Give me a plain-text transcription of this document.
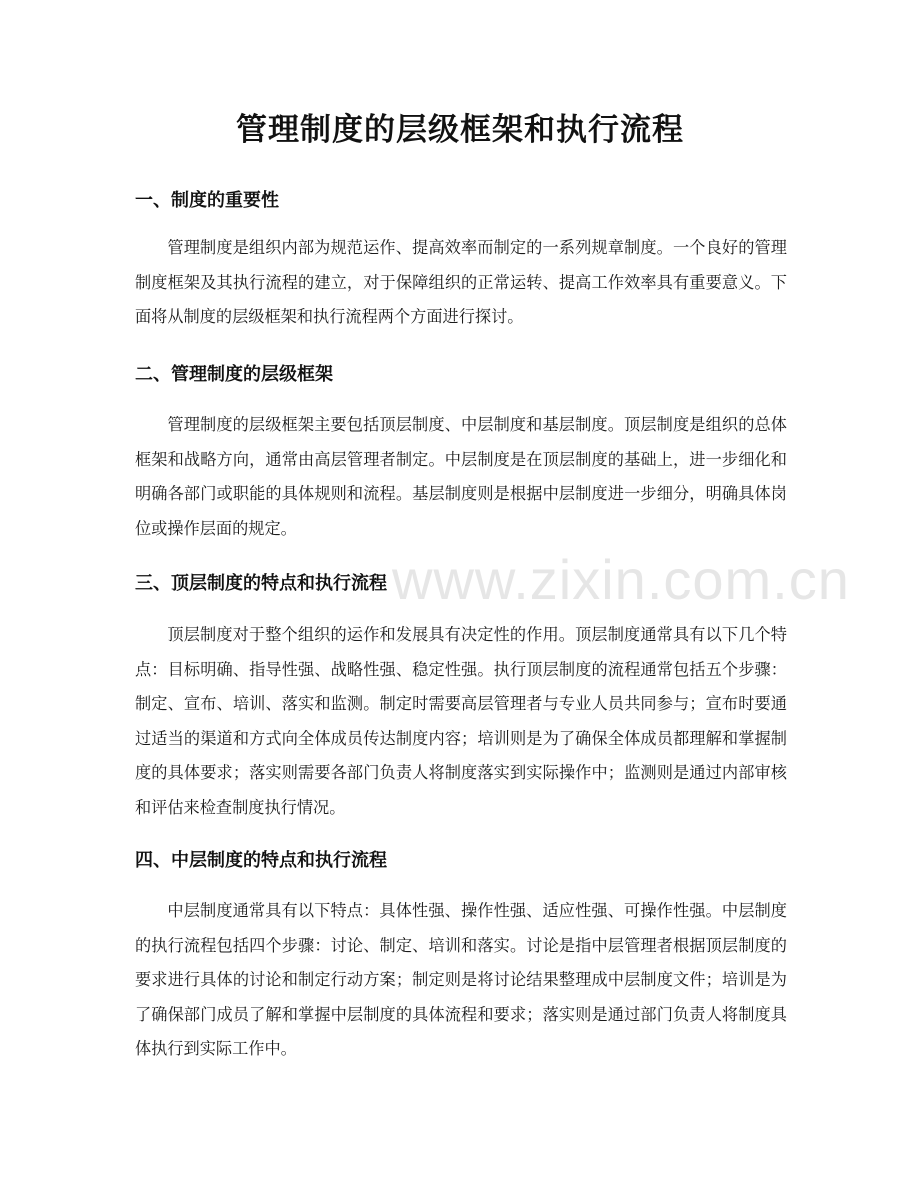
www.zixin.com.cn
管理制度的层级框架和执行流程
一、制度的重要性

管理制度是组织内部为规范运作、提高效率而制定的一系列规章制度。一个良好的管理制度框架及其执行流程的建立，对于保障组织的正常运转、提高工作效率具有重要意义。下面将从制度的层级框架和执行流程两个方面进行探讨。

二、管理制度的层级框架

管理制度的层级框架主要包括顶层制度、中层制度和基层制度。顶层制度是组织的总体框架和战略方向，通常由高层管理者制定。中层制度是在顶层制度的基础上，进一步细化和明确各部门或职能的具体规则和流程。基层制度则是根据中层制度进一步细分，明确具体岗位或操作层面的规定。

三、顶层制度的特点和执行流程

顶层制度对于整个组织的运作和发展具有决定性的作用。顶层制度通常具有以下几个特点：目标明确、指导性强、战略性强、稳定性强。执行顶层制度的流程通常包括五个步骤：制定、宣布、培训、落实和监测。制定时需要高层管理者与专业人员共同参与；宣布时要通过适当的渠道和方式向全体成员传达制度内容；培训则是为了确保全体成员都理解和掌握制度的具体要求；落实则需要各部门负责人将制度落实到实际操作中；监测则是通过内部审核和评估来检查制度执行情况。

四、中层制度的特点和执行流程

中层制度通常具有以下特点：具体性强、操作性强、适应性强、可操作性强。中层制度的执行流程包括四个步骤：讨论、制定、培训和落实。讨论是指中层管理者根据顶层制度的要求进行具体的讨论和制定行动方案；制定则是将讨论结果整理成中层制度文件；培训是为了确保部门成员了解和掌握中层制度的具体流程和要求；落实则是通过部门负责人将制度具体执行到实际工作中。
